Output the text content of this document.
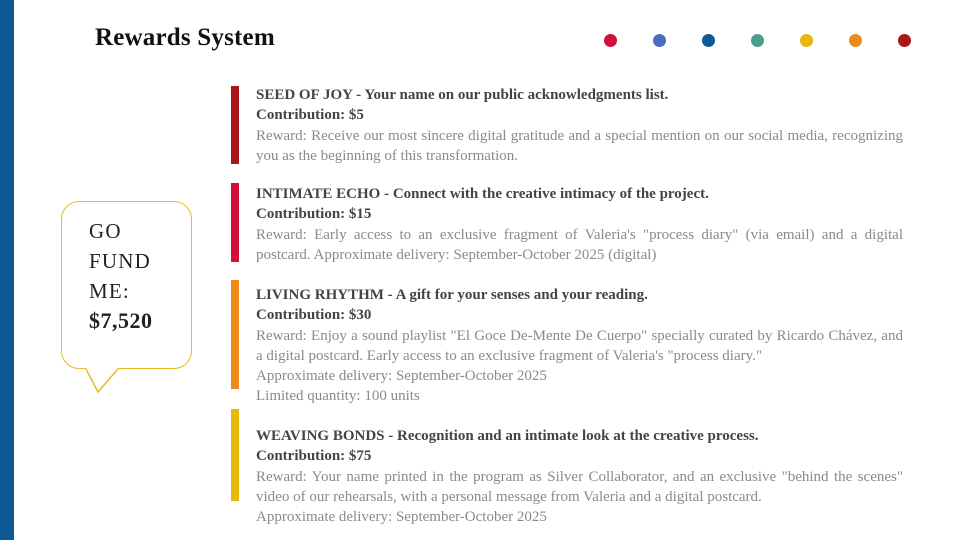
Rewards System
GO
FUND
ME:
$7,520
SEED OF JOY - Your name on our public acknowledgments list.
Contribution: $5
Reward: Receive our most sincere digital gratitude and a special mention on our social media, recognizing you as the beginning of this transformation.
INTIMATE ECHO - Connect with the creative intimacy of the project.
Contribution: $15
Reward: Early access to an exclusive fragment of Valeria's "process diary" (via email) and a digital postcard. Approximate delivery: September-October 2025 (digital)
LIVING RHYTHM - A gift for your senses and your reading.
Contribution: $30
Reward: Enjoy a sound playlist "El Goce De-Mente De Cuerpo" specially curated by Ricardo Chávez, and a digital postcard. Early access to an exclusive fragment of Valeria's "process diary."
Approximate delivery: September-October 2025
Limited quantity: 100 units
WEAVING BONDS - Recognition and an intimate look at the creative process.
Contribution: $75
Reward: Your name printed in the program as Silver Collaborator, and an exclusive "behind the scenes" video of our rehearsals, with a personal message from Valeria and a digital postcard.
Approximate delivery: September-October 2025
